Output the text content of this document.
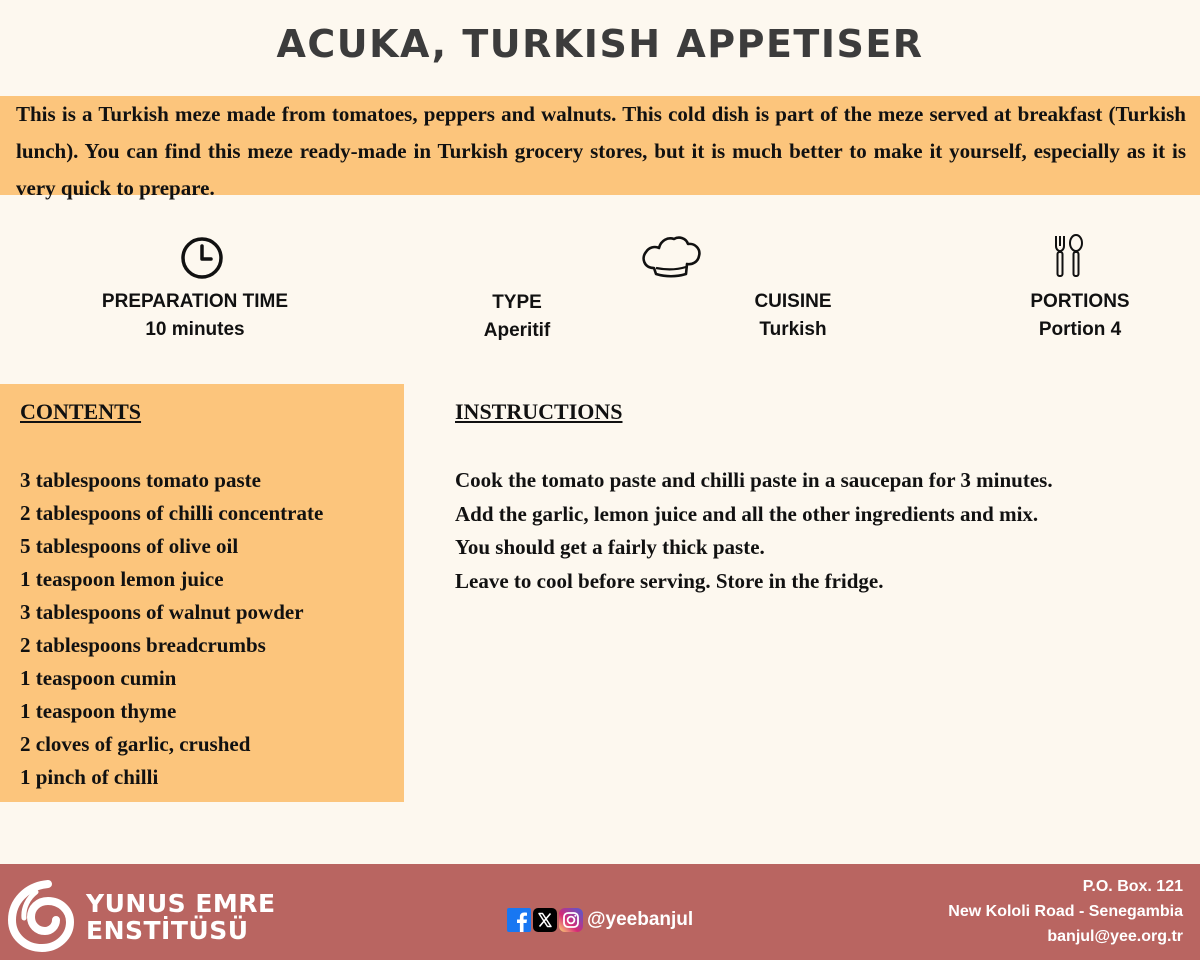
ACUKA, TURKISH APPETISER

This is a Turkish meze made from tomatoes, peppers and walnuts. This cold dish is part of the meze served at breakfast (Turkish lunch). You can find this meze ready-made in Turkish grocery stores, but it is much better to make it yourself, especially as it is very quick to prepare.

PREPARATION TIME
10 minutes
TYPE
Aperitif
CUISINE
Turkish
PORTIONS
Portion 4
CONTENTS
3 tablespoons tomato paste
2 tablespoons of chilli concentrate
5 tablespoons of olive oil
1 teaspoon lemon juice
3 tablespoons of walnut powder
2 tablespoons breadcrumbs
1 teaspoon cumin
1 teaspoon thyme
2 cloves of garlic, crushed
1 pinch of chilli
INSTRUCTIONS
Cook the tomato paste and chilli paste in a saucepan for 3 minutes.
Add the garlic, lemon juice and all the other ingredients and mix.
You should get a fairly thick paste.
Leave to cool before serving. Store in the fridge.
YUNUS EMRE
ENSTİTÜSÜ	@yeebanjul
P.O. Box. 121
New Kololi Road - Senegambia
banjul@yee.org.tr
